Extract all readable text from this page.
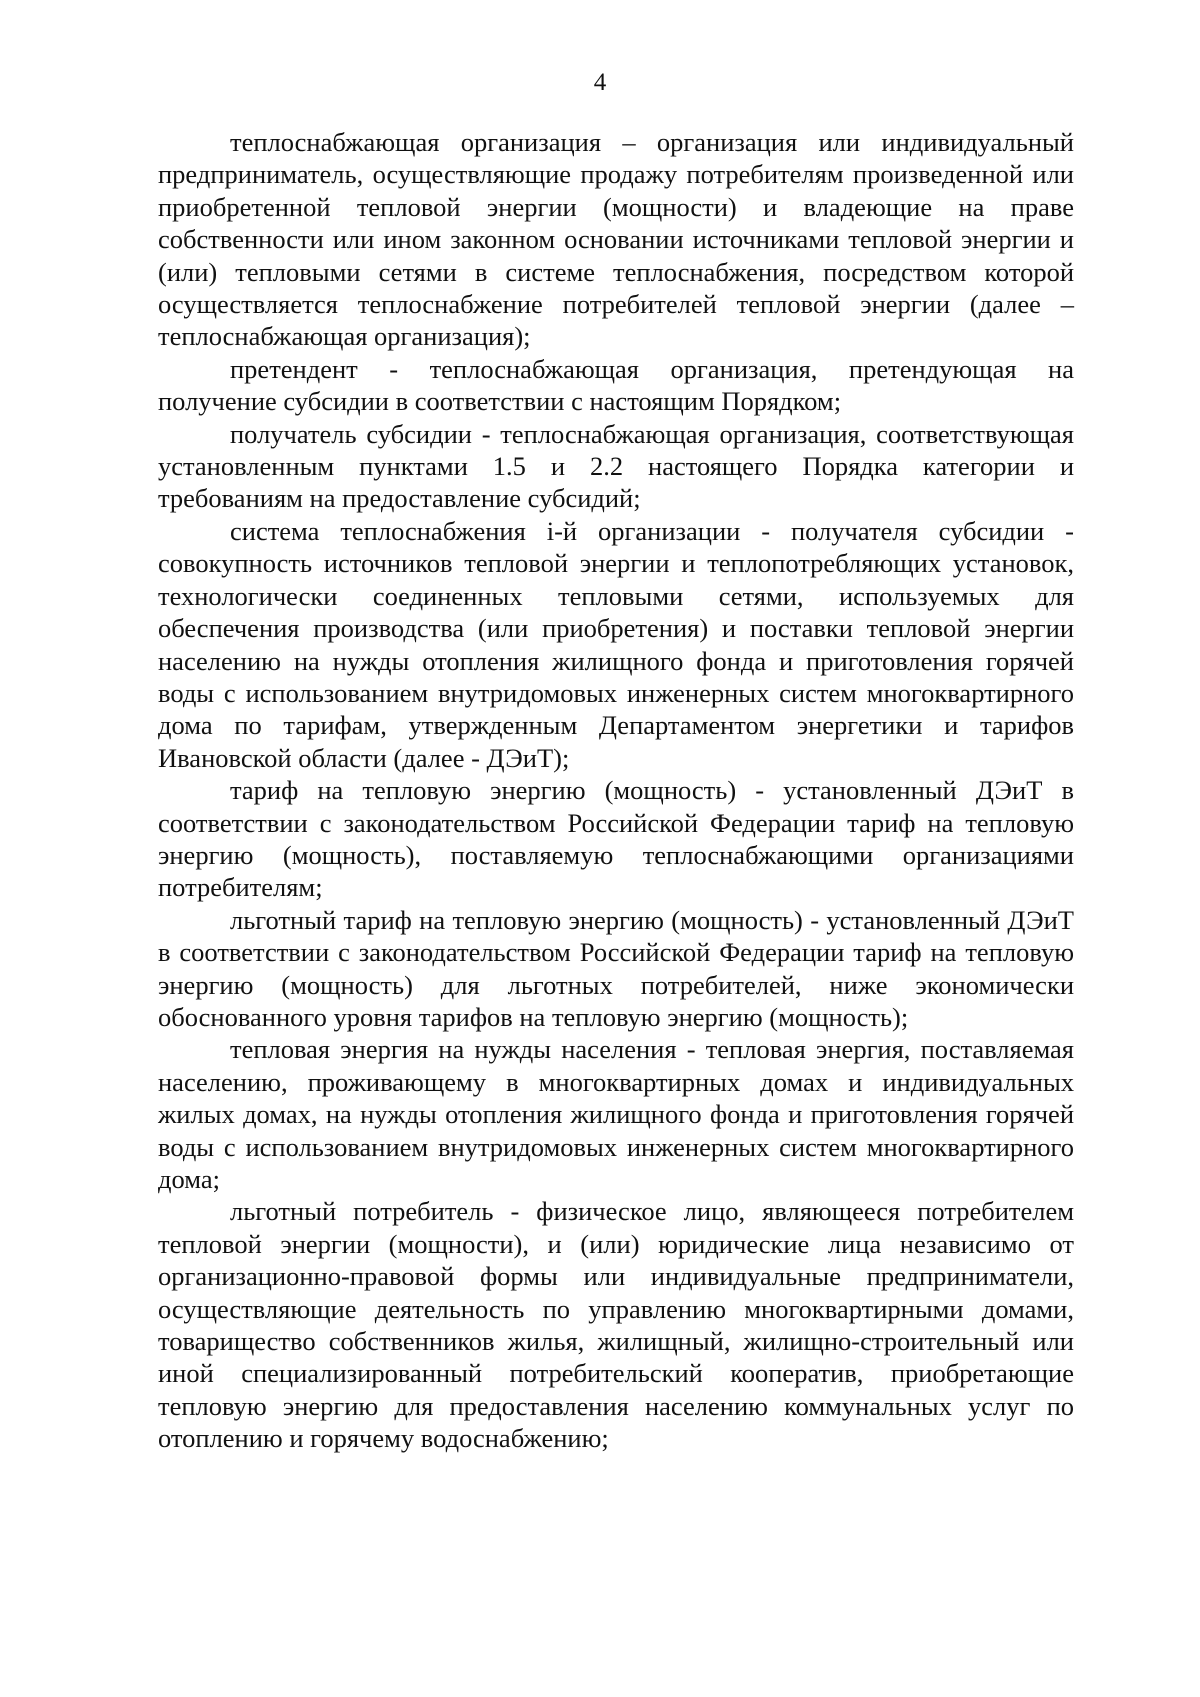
4

теплоснабжающая организация – организация или индивидуальный предприниматель, осуществляющие продажу потребителям произведенной или приобретенной тепловой энергии (мощности) и владеющие на праве собственности или ином законном основании источниками тепловой энергии и (или) тепловыми сетями в системе теплоснабжения, посредством которой осуществляется теплоснабжение потребителей тепловой энергии (далее – теплоснабжающая организация);

претендент - теплоснабжающая организация, претендующая на получение субсидии в соответствии с настоящим Порядком;

получатель субсидии - теплоснабжающая организация, соответствующая установленным пунктами 1.5 и 2.2 настоящего Порядка категории и требованиям на предоставление субсидий;

система теплоснабжения i-й организации - получателя субсидии - совокупность источников тепловой энергии и теплопотребляющих установок, технологически соединенных тепловыми сетями, используемых для обеспечения производства (или приобретения) и поставки тепловой энергии населению на нужды отопления жилищного фонда и приготовления горячей воды с использованием внутридомовых инженерных систем многоквартирного дома по тарифам, утвержденным Департаментом энергетики и тарифов Ивановской области (далее - ДЭиТ);

тариф на тепловую энергию (мощность) - установленный ДЭиТ в соответствии с законодательством Российской Федерации тариф на тепловую энергию (мощность), поставляемую теплоснабжающими организациями потребителям;

льготный тариф на тепловую энергию (мощность) - установленный ДЭиТ в соответствии с законодательством Российской Федерации тариф на тепловую энергию (мощность) для льготных потребителей, ниже экономически обоснованного уровня тарифов на тепловую энергию (мощность);

тепловая энергия на нужды населения - тепловая энергия, поставляемая населению, проживающему в многоквартирных домах и индивидуальных жилых домах, на нужды отопления жилищного фонда и приготовления горячей воды с использованием внутридомовых инженерных систем многоквартирного дома;

льготный потребитель - физическое лицо, являющееся потребителем тепловой энергии (мощности), и (или) юридические лица независимо от организационно-правовой формы или индивидуальные предприниматели, осуществляющие деятельность по управлению многоквартирными домами, товарищество собственников жилья, жилищный, жилищно-строительный или иной специализированный потребительский кооператив, приобретающие тепловую энергию для предоставления населению коммунальных услуг по отоплению и горячему водоснабжению;
